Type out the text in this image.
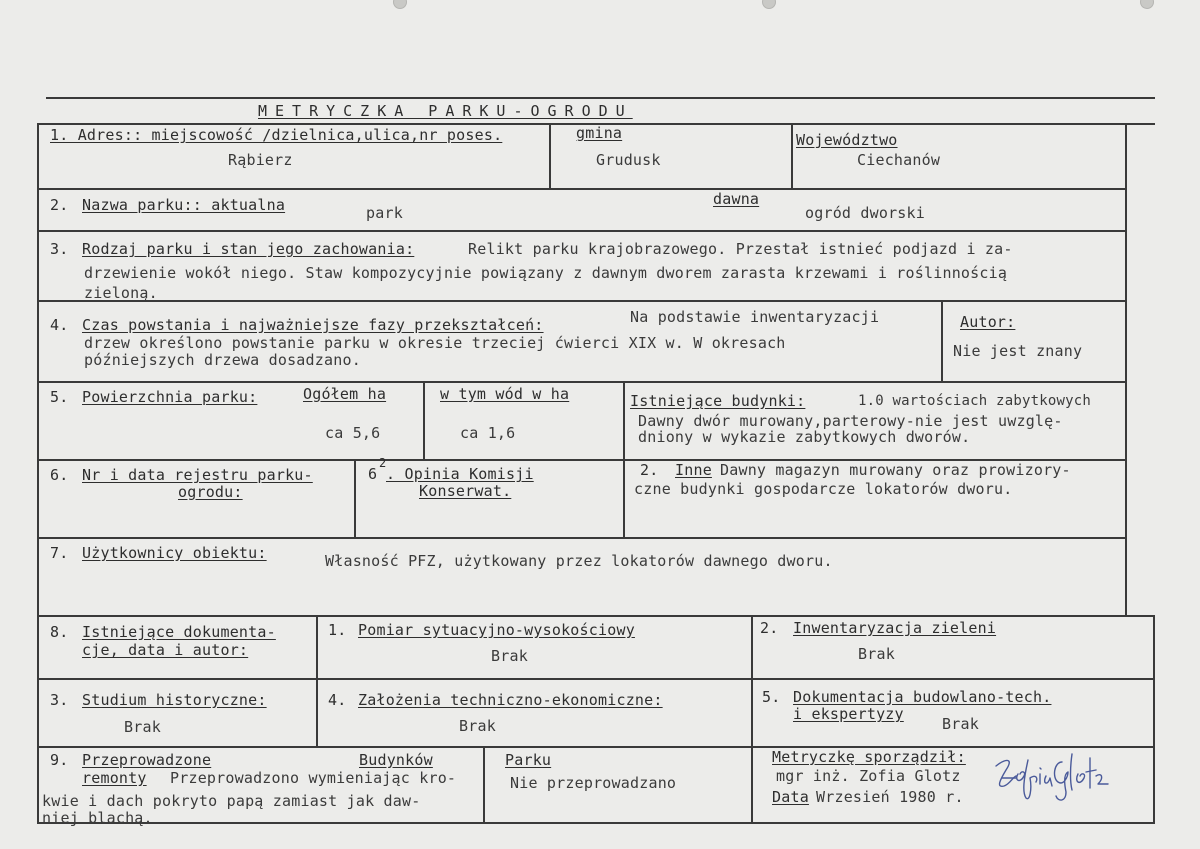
METRYCZKA PARKU-OGRODU
1. Adres:: miejscowość /dzielnica,ulica,nr poses.
Rąbierz
gmina
Grudusk
Województwo
Ciechanów
2. Nazwa parku:: aktualna	park
dawna
ogród dworski
3. Rodzaj parku i stan jego zachowania:	Relikt parku krajobrazowego. Przestał istnieć podjazd i za-
drzewienie wokół niego. Staw kompozycyjnie powiązany z dawnym dworem zarasta krzewami i roślinnością
zieloną.
4. Czas powstania i najważniejsze fazy przekształceń:	Na podstawie inwentaryzacji
drzew określono powstanie parku w okresie trzeciej ćwierci XIX w. W okresach
późniejszych drzewa dosadzano.
Autor:
Nie jest znany
5. Powierzchnia parku:	Ogółem ha
ca 5,6
w tym wód w ha
ca 1,6
Istniejące budynki:	1.0 wartościach zabytkowych
Dawny dwór murowany,parterowy-nie jest uwzglę-
dniony w wykazie zabytkowych dworów.
6. Nr i data rejestru parku-
ogrodu:
6
2
. Opinia Komisji
Konserwat.
2. Inne Dawny magazyn murowany oraz prowizory-
czne budynki gospodarcze lokatorów dworu.
7. Użytkownicy obiektu:	Własność PFZ, użytkowany przez lokatorów dawnego dworu.
8. Istniejące dokumenta-
cje, data i autor:
1. Pomiar sytuacyjno-wysokościowy
Brak
2. Inwentaryzacja zieleni
Brak
3. Studium historyczne:
Brak
4. Założenia techniczno-ekonomiczne:
Brak
5. Dokumentacja budowlano-tech.
i ekspertyzy
Brak
9. Przeprowadzone
remonty
Budynków
Przeprowadzono wymieniając kro-
kwie i dach pokryto papą zamiast jak daw-
niej blachą.
Parku
Nie przeprowadzano
Metryczkę sporządził:
mgr inż. Zofia Glotz
Data Wrzesień 1980 r.
